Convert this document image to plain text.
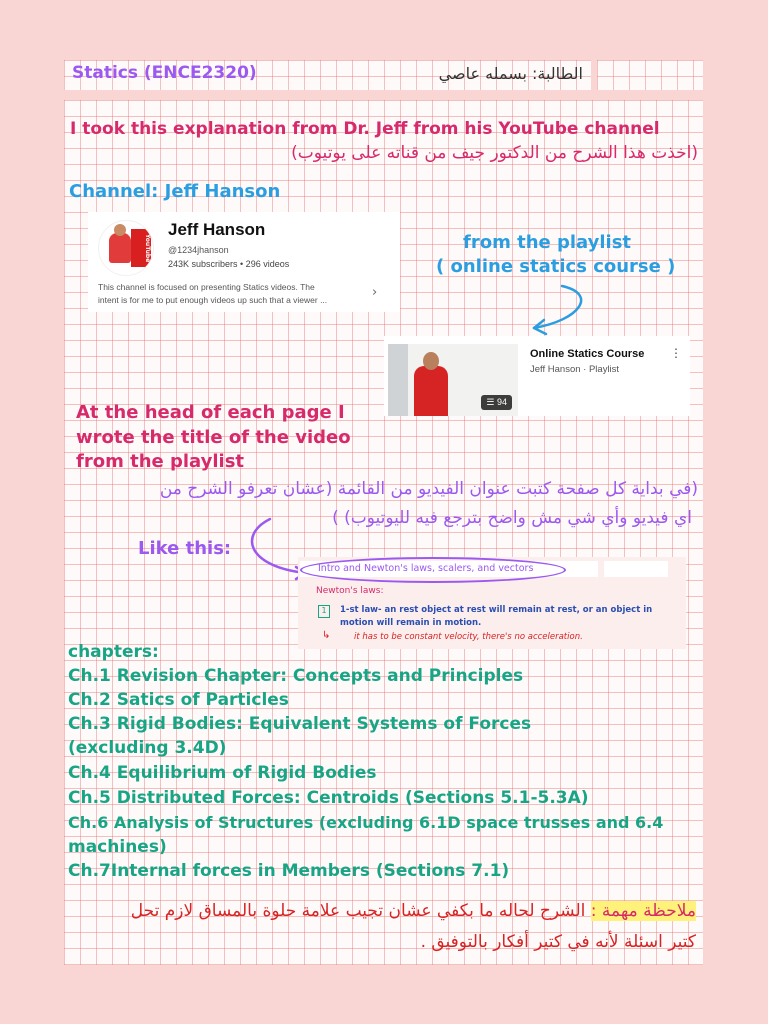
Statics (ENCE2320)	الطالبة: بسمله عاصي
I took this explanation from Dr. Jeff from his YouTube channel
(اخذت هذا الشرح من الدكتور جيف من قناته على يوتيوب)
Channel: Jeff Hanson
YouTube
Jeff Hanson
@1234jhanson
243K subscribers • 296 videos
This channel is focused on presenting Statics videos. The
intent is for me to put enough videos up such that a viewer ...	›
from the playlist
( online statics course )
☰ 94
Online Statics Course
Jeff Hanson · Playlist
⋮
At the head of each page I
wrote the title of the video
from the playlist
(في بداية كل صفحة كتبت عنوان الفيديو من القائمة (عشان تعرفو الشرح من
اي فيديو وأي شي مش واضح بترجع فيه لليوتيوب) )
Like this:
Intro and Newton's laws, scalers, and vectors
Newton's laws:
1	1-st law- an rest object at rest will remain at rest, or an object in
motion will remain in motion.
↳	it has to be constant velocity, there's no acceleration.
chapters:
Ch.1 Revision Chapter: Concepts and Principles
Ch.2 Satics of Particles
Ch.3 Rigid Bodies: Equivalent Systems of Forces
(excluding 3.4D)
Ch.4 Equilibrium of Rigid Bodies
Ch.5 Distributed Forces: Centroids (Sections 5.1-5.3A)
Ch.6 Analysis of Structures (excluding 6.1D space trusses and 6.4
machines)
Ch.7Internal forces in Members (Sections 7.1)
ملاحظة مهمة : الشرح لحاله ما بكفي عشان تجيب علامة حلوة بالمساق لازم تحل
كتير اسئلة لأنه في كتير أفكار بالتوفيق .
